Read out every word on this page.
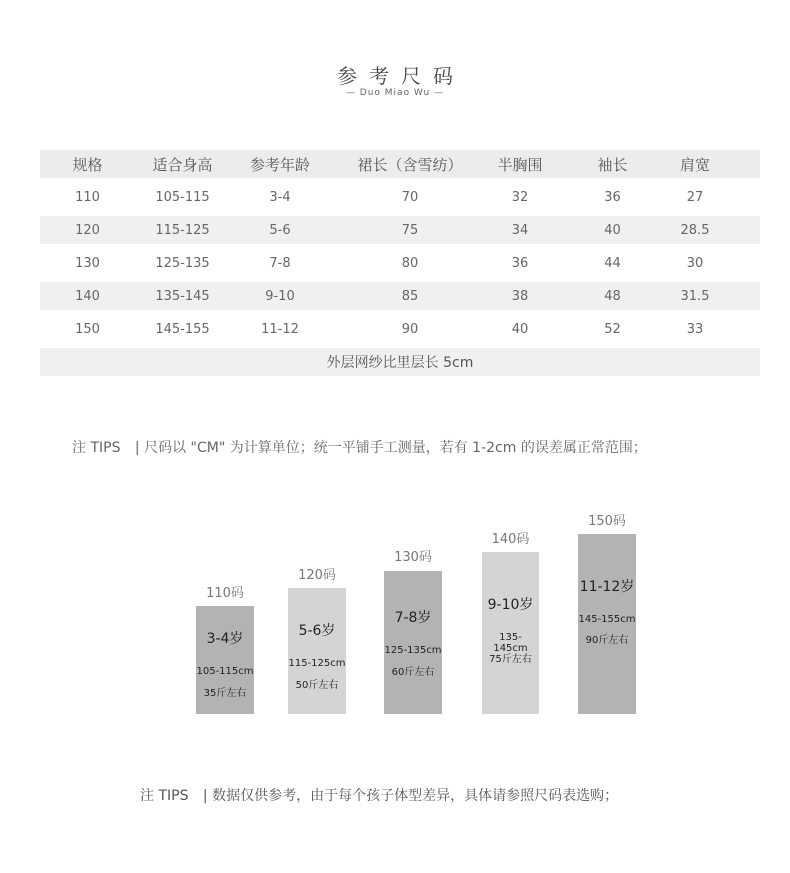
参考尺码
— Duo Miao Wu —
规格	适合身高	参考年龄	裙长（含雪纺）	半胸围	袖长	肩宽
110	105-115	3-4	70	32	36	27
120	115-125	5-6	75	34	40	28.5
130	125-135	7-8	80	36	44	30
140	135-145	9-10	85	38	48	31.5
150	145-155	11-12	90	40	52	33
外层网纱比里层长 5cm
注 TIPS | 尺码以 "CM" 为计算单位；统一平铺手工测量，若有 1-2cm 的误差属正常范围；
110码
3-4岁
105-115cm
35斤左右
120码
5-6岁
115-125cm
50斤左右
130码
7-8岁
125-135cm
60斤左右
140码
9-10岁
135-145cm
75斤左右
150码
11-12岁
145-155cm
90斤左右
注 TIPS | 数据仅供参考，由于每个孩子体型差异，具体请参照尺码表选购；
